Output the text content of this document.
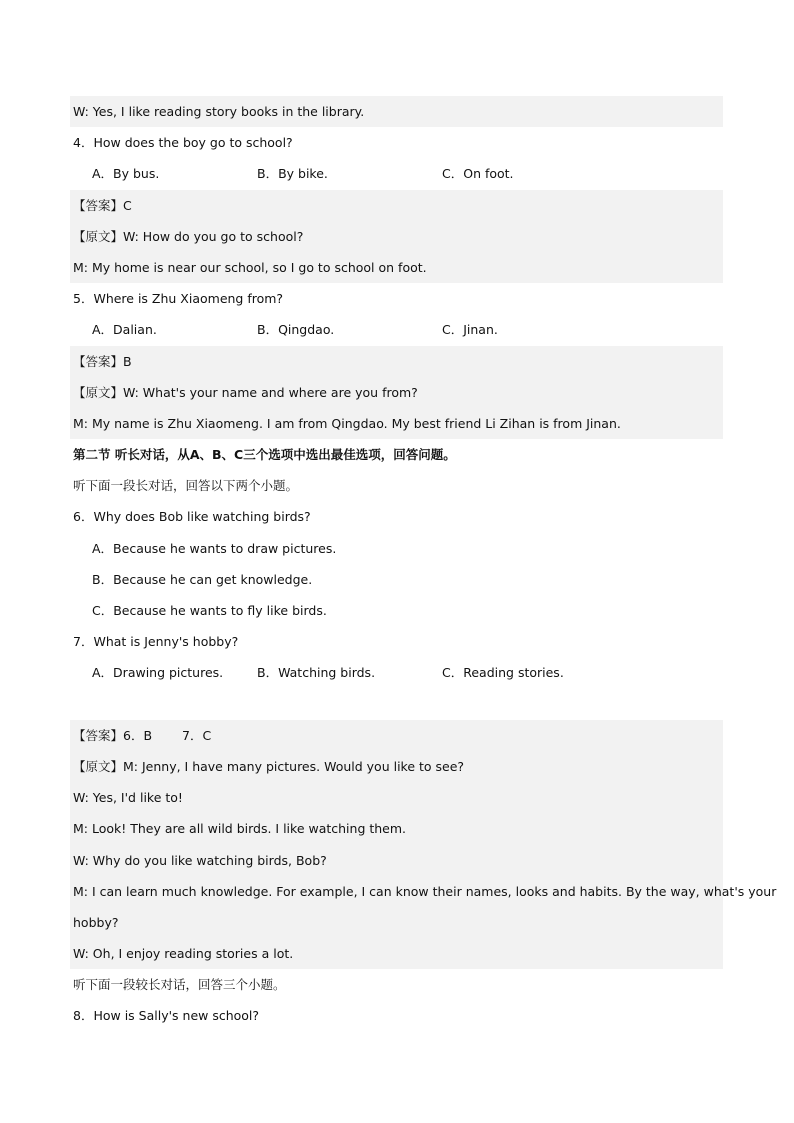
W: Yes, I like reading story books in the library.
4．How does the boy go to school?
A．By bus.	B．By bike.	C．On foot.
【答案】C
【原文】W: How do you go to school?
M: My home is near our school, so I go to school on foot.
5．Where is Zhu Xiaomeng from?
A．Dalian.	B．Qingdao.	C．Jinan.
【答案】B
【原文】W: What's your name and where are you from?
M: My name is Zhu Xiaomeng. I am from Qingdao. My best friend Li Zihan is from Jinan.
第二节 听长对话，从A、B、C三个选项中选出最佳选项，回答问题。
听下面一段长对话，回答以下两个小题。
6．Why does Bob like watching birds?
A．Because he wants to draw pictures.
B．Because he can get knowledge.
C．Because he wants to fly like birds.
7．What is Jenny's hobby?
A．Drawing pictures.	B．Watching birds.	C．Reading stories.
【答案】6．B 7．C
【原文】M: Jenny, I have many pictures. Would you like to see?
W: Yes, I'd like to!
M: Look! They are all wild birds. I like watching them.
W: Why do you like watching birds, Bob?
M: I can learn much knowledge. For example, I can know their names, looks and habits. By the way, what's your
hobby?
W: Oh, I enjoy reading stories a lot.
听下面一段较长对话，回答三个小题。
8．How is Sally's new school?
